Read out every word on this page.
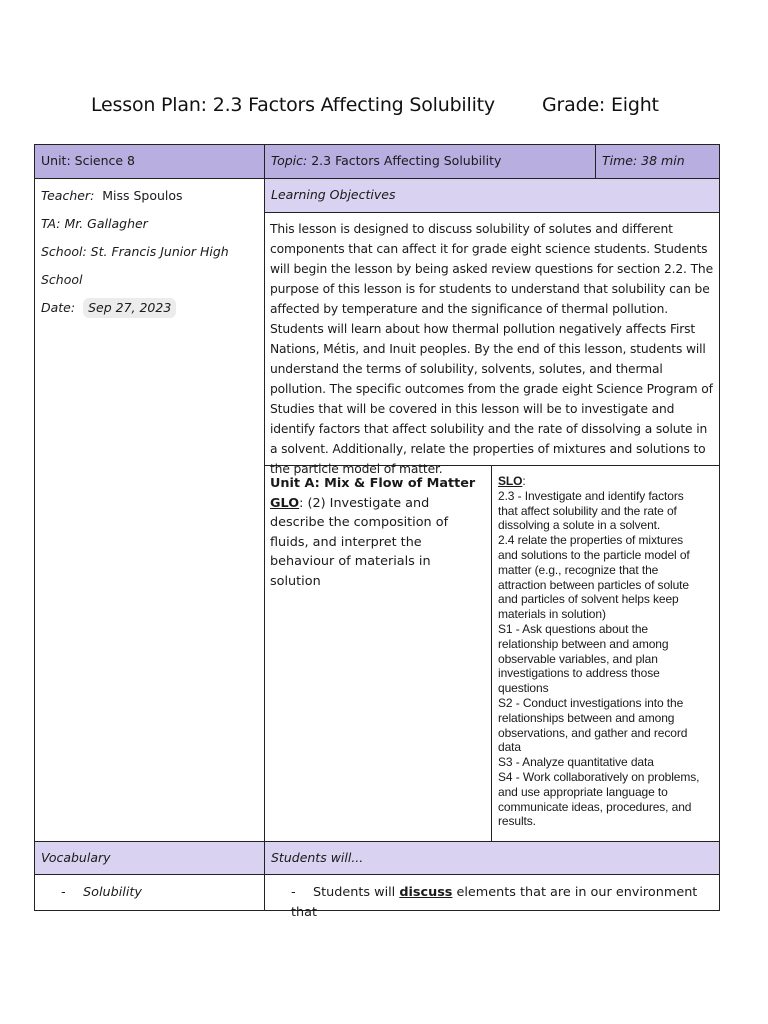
Lesson Plan: 2.3 Factors Affecting Solubility Grade: Eight
Unit: Science 8	Topic: 2.3 Factors Affecting Solubility	Time: 38 min

Teacher: Miss Spoulos

TA: Mr. Gallagher

School: St. Francis Junior High
School

Date: Sep 27, 2023

Learning Objectives
This lesson is designed to discuss solubility of solutes and different components that can affect it for grade eight science students. Students will begin the lesson by being asked review questions for section 2.2. The purpose of this lesson is for students to understand that solubility can be affected by temperature and the significance of thermal pollution. Students will learn about how thermal pollution negatively affects First Nations, Métis, and Inuit peoples. By the end of this lesson, students will understand the terms of solubility, solvents, solutes, and thermal pollution. The specific outcomes from the grade eight Science Program of Studies that will be covered in this lesson will be to investigate and identify factors that affect solubility and the rate of dissolving a solute in a solvent. Additionally, relate the properties of mixtures and solutions to the particle model of matter.
Unit A: Mix & Flow of Matter
GLO: (2) Investigate and describe the composition of fluids, and interpret the behaviour of materials in solution
SLO:
2.3 - Investigate and identify factors
that affect solubility and the rate of
dissolving a solute in a solvent.
2.4 relate the properties of mixtures
and solutions to the particle model of
matter (e.g., recognize that the
attraction between particles of solute
and particles of solvent helps keep
materials in solution)
S1 - Ask questions about the
relationship between and among
observable variables, and plan
investigations to address those
questions
S2 - Conduct investigations into the
relationships between and among
observations, and gather and record
data
S3 - Analyze quantitative data
S4 - Work collaboratively on problems,
and use appropriate language to
communicate ideas, procedures, and
results.
Vocabulary	Students will...
- Solubility	- Students will discuss elements that are in our environment that
